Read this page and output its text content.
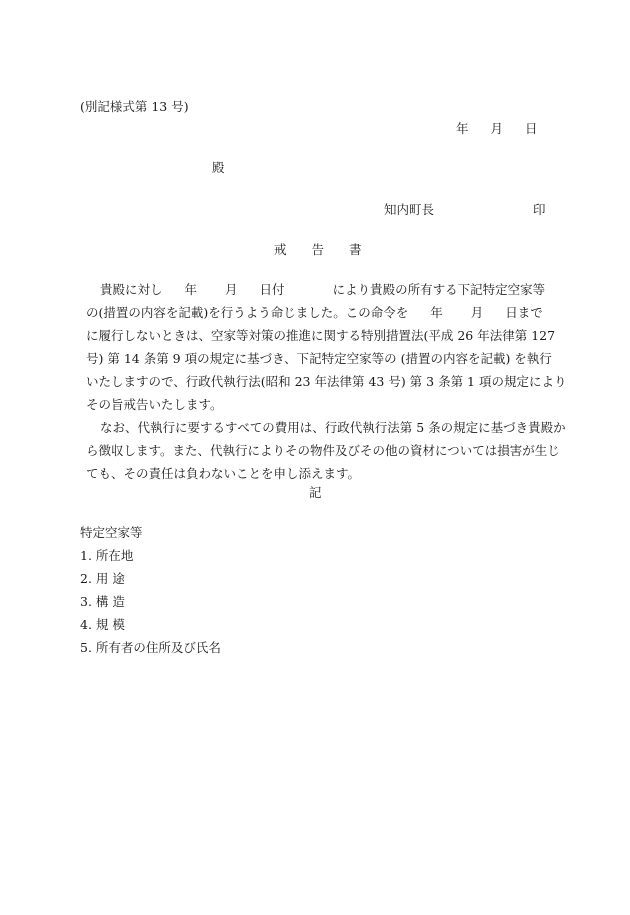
(別記様式第 13 号)
年 月 日
殿
知内町長	印
戒 告 書
貴殿に対し 年 月 日付	により貴殿の所有する下記特定空家等
の(措置の内容を記載)を行うよう命じました。この命令を 年 月 日まで
に履行しないときは、空家等対策の推進に関する特別措置法(平成 26 年法律第 127
号) 第 14 条第 9 項の規定に基づき、下記特定空家等の (措置の内容を記載) を執行
いたしますので、行政代執行法(昭和 23 年法律第 43 号) 第 3 条第 1 項の規定により
その旨戒告いたします。
なお、代執行に要するすべての費用は、行政代執行法第 5 条の規定に基づき貴殿か
ら徴収します。また、代執行によりその物件及びその他の資材については損害が生じ
ても、その責任は負わないことを申し添えます。
記
特定空家等
1. 所在地
2. 用 途
3. 構 造
4. 規 模
5. 所有者の住所及び氏名
